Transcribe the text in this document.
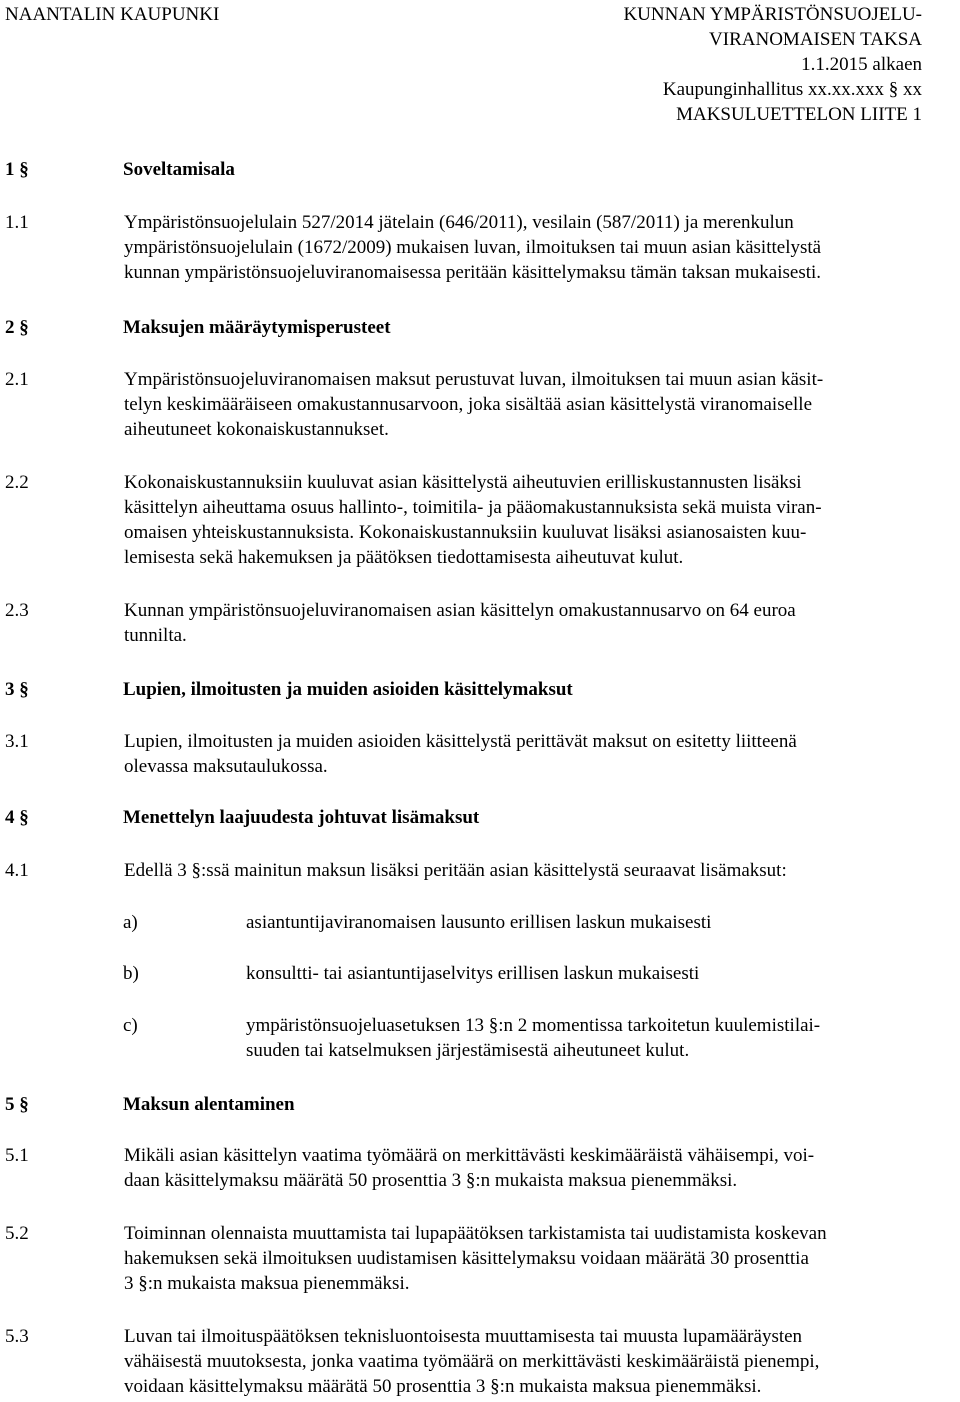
NAANTALIN KAUPUNKI	KUNNAN YMPÄRISTÖNSUOJELU-
VIRANOMAISEN TAKSA
1.1.2015 alkaen
Kaupunginhallitus xx.xx.xxx § xx
MAKSULUETTELON LIITE 1
1 §	Soveltamisala
1.1	Ympäristönsuojelulain 527/2014 jätelain (646/2011), vesilain (587/2011) ja merenkulun
ympäristönsuojelulain (1672/2009) mukaisen luvan, ilmoituksen tai muun asian käsittelystä
kunnan ympäristönsuojeluviranomaisessa peritään käsittelymaksu tämän taksan mukaisesti.
2 §	Maksujen määräytymisperusteet
2.1	Ympäristönsuojeluviranomaisen maksut perustuvat luvan, ilmoituksen tai muun asian käsit-
telyn keskimääräiseen omakustannusarvoon, joka sisältää asian käsittelystä viranomaiselle
aiheutuneet kokonaiskustannukset.
2.2	Kokonaiskustannuksiin kuuluvat asian käsittelystä aiheutuvien erilliskustannusten lisäksi
käsittelyn aiheuttama osuus hallinto-, toimitila- ja pääomakustannuksista sekä muista viran-
omaisen yhteiskustannuksista. Kokonaiskustannuksiin kuuluvat lisäksi asianosaisten kuu-
lemisesta sekä hakemuksen ja päätöksen tiedottamisesta aiheutuvat kulut.
2.3	Kunnan ympäristönsuojeluviranomaisen asian käsittelyn omakustannusarvo on 64 euroa
tunnilta.
3 §	Lupien, ilmoitusten ja muiden asioiden käsittelymaksut
3.1	Lupien, ilmoitusten ja muiden asioiden käsittelystä perittävät maksut on esitetty liitteenä
olevassa maksutaulukossa.
4 §	Menettelyn laajuudesta johtuvat lisämaksut
4.1	Edellä 3 §:ssä mainitun maksun lisäksi peritään asian käsittelystä seuraavat lisämaksut:
a)	asiantuntijaviranomaisen lausunto erillisen laskun mukaisesti
b)	konsultti- tai asiantuntijaselvitys erillisen laskun mukaisesti
c)	ympäristönsuojeluasetuksen 13 §:n 2 momentissa tarkoitetun kuulemistilai-
suuden tai katselmuksen järjestämisestä aiheutuneet kulut.
5 §	Maksun alentaminen
5.1	Mikäli asian käsittelyn vaatima työmäärä on merkittävästi keskimääräistä vähäisempi, voi-
daan käsittelymaksu määrätä 50 prosenttia 3 §:n mukaista maksua pienemmäksi.
5.2	Toiminnan olennaista muuttamista tai lupapäätöksen tarkistamista tai uudistamista koskevan
hakemuksen sekä ilmoituksen uudistamisen käsittelymaksu voidaan määrätä 30 prosenttia
3 §:n mukaista maksua pienemmäksi.
5.3	Luvan tai ilmoituspäätöksen teknisluontoisesta muuttamisesta tai muusta lupamääräysten
vähäisestä muutoksesta, jonka vaatima työmäärä on merkittävästi keskimääräistä pienempi,
voidaan käsittelymaksu määrätä 50 prosenttia 3 §:n mukaista maksua pienemmäksi.
